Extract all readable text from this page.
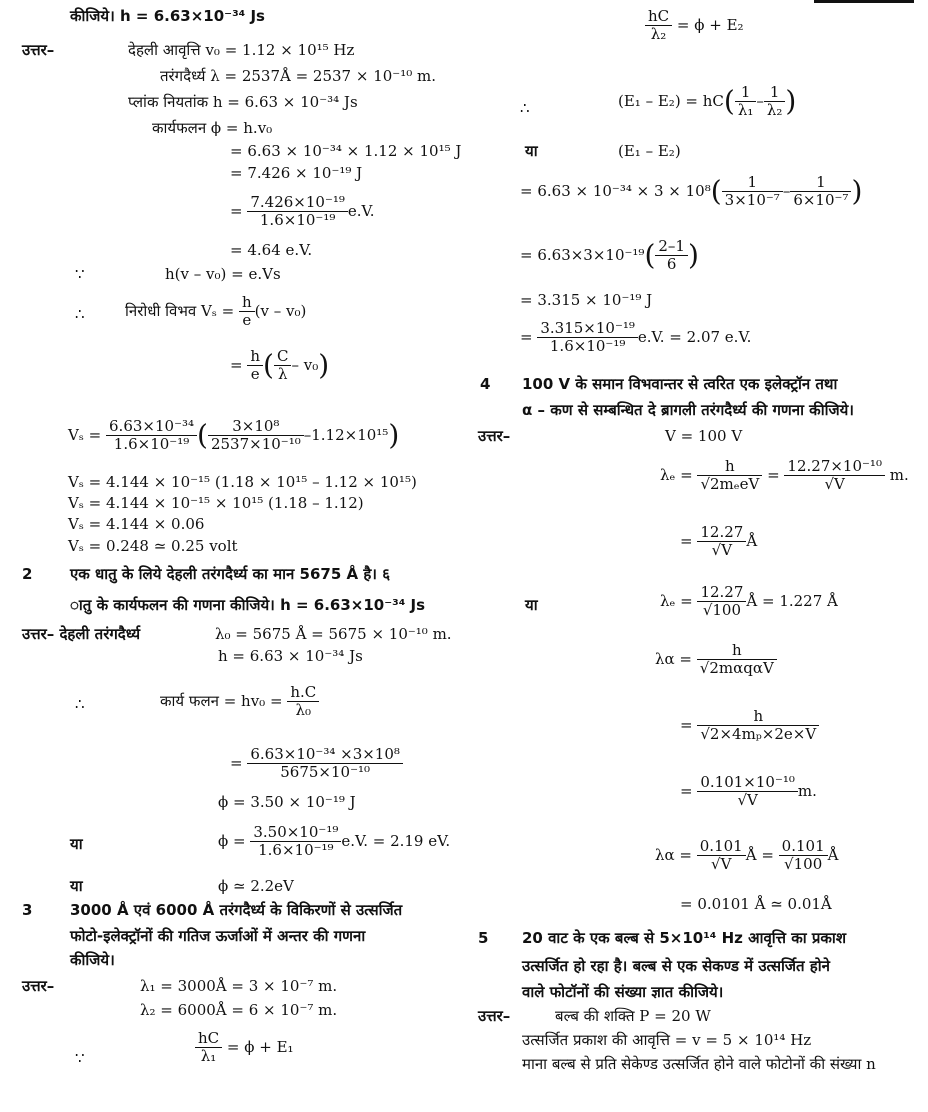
कीजिये। h = 6.63×10⁻³⁴ Js
उत्तर–	देहली आवृत्ति v₀ = 1.12 × 10¹⁵ Hz
तरंगदैर्ध्य λ = 2537Å = 2537 × 10⁻¹⁰ m.
प्लांक नियतांक h = 6.63 × 10⁻³⁴ Js
कार्यफलन ϕ = h.v₀
= 6.63 × 10⁻³⁴ × 1.12 × 10¹⁵ J
= 7.426 × 10⁻¹⁹ J
= $\frac{\text{7.426×10⁻¹⁹}}{\text{1.6×10⁻¹⁹}} e.V$.
= 4.64 e.V.
∵	h(v – v₀) = e.Vs
∴	निरोधी विभव $V_s = \frac{h}{e} (v - v_0)$
= $\frac{h}{e}$ ( $\frac{C}{\lambda} - v_0$)
$V_s = \frac{\text{6.63×10⁻³⁴}}{\text{1.6×10⁻¹⁹}}$ ( $\frac{\text{3×10⁸}}{\text{2537×10⁻¹⁰}} -1.12\times 10^{15}$)
Vₛ = 4.144 × 10⁻¹⁵ (1.18 × 10¹⁵ – 1.12 × 10¹⁵)
Vₛ = 4.144 × 10⁻¹⁵ × 10¹⁵ (1.18 – 1.12)
Vₛ = 4.144 × 0.06
Vₛ = 0.248 ≃ 0.25 volt
2	एक धातु के लिये देहली तरंगदैर्ध्य का मान 5675 Å है। ६
ातु के कार्यफलन की गणना कीजिये। h = 6.63×10⁻³⁴ Js
उत्तर– देहली तरंगदैर्ध्य	λ₀ = 5675 Å = 5675 × 10⁻¹⁰ m.
h = 6.63 × 10⁻³⁴ Js
∴	कार्य फलन = $hv_0 = \frac{h.C}{\text{λ₀}}$
= $\frac{\text{6.63×10⁻³⁴ ×3×10⁸}}{\text{5675×10⁻¹⁰}}$
ϕ = 3.50 × 10⁻¹⁹ J
या	$\phi = \frac{\text{3.50×10⁻¹⁹}}{\text{1.6×10⁻¹⁹}} e.V$. = 2.19 eV.
या	ϕ ≃ 2.2eV
3	3000 Å एवं 6000 Å तरंगदैर्ध्य के विकिरणों से उत्सर्जित
फोटो-इलेक्ट्रॉनों की गतिज ऊर्जाओं में अन्तर की गणना
कीजिये।
उत्तर–	λ₁ = 3000Å = 3 × 10⁻⁷ m.
λ₂ = 6000Å = 6 × 10⁻⁷ m.
∵	$\frac{hC}{\text{λ₁}} = \phi + E_1$
$\frac{hC}{\text{λ₂}} = \phi + E_2$
∴	$(E_1 - E_2) = hC( \frac{1}{\text{λ₁}} - \frac{1}{\text{λ₂}}$ )
या	(E₁ – E₂)
= $6.63 \times 10^{-34} \times 3 \times 10^8( \frac{1}{\text{3×10⁻⁷}} - \frac{1}{\text{6×10⁻⁷}}$ )
= $6.63\times 3\times 10^{-19}( \frac{2-1}{6}$ )
= 3.315 × 10⁻¹⁹ J
= $\frac{\text{3.315×10⁻¹⁹}}{\text{1.6×10⁻¹⁹}} e.V$. = 2.07 e.V.
4 100 V के समान विभवान्तर से त्वरित एक इलेक्ट्रॉन तथा
α – कण से सम्बन्धित दे ब्रागली तरंगदैर्ध्य की गणना कीजिये।
उत्तर–	V = 100 V
$\lambda_e = \frac{h}{\text{√2mₑeV}} = \frac{\text{12.27×10⁻¹⁰}}{√V} m$.
= $\frac{12.27}{√V}$ Å
या	$\lambda_e = \frac{12.27}{√100}$ Å = 1.227 Å
$\lambda\alpha = \frac{h}{\text{√2mαqαV}}$
= $\frac{h}{\text{√2×4mₚ×2e×V}}$
= $\frac{\text{0.101×10⁻¹⁰}}{√V} m$.
$\lambda\alpha = \frac{0.101}{√V}$ Å = $\frac{0.101}{√100}$ Å
= 0.0101 Å ≃ 0.01Å
5 20 वाट के एक बल्ब से 5×10¹⁴ Hz आवृत्ति का प्रकाश
उत्सर्जित हो रहा है। बल्ब से एक सेकण्ड में उत्सर्जित होने
वाले फोटॉनों की संख्या ज्ञात कीजिये।
उत्तर–	बल्ब की शक्ति P = 20 W
उत्सर्जित प्रकाश की आवृत्ति = v = 5 × 10¹⁴ Hz
माना बल्ब से प्रति सेकेण्ड उत्सर्जित होने वाले फोटोनों की संख्या n
